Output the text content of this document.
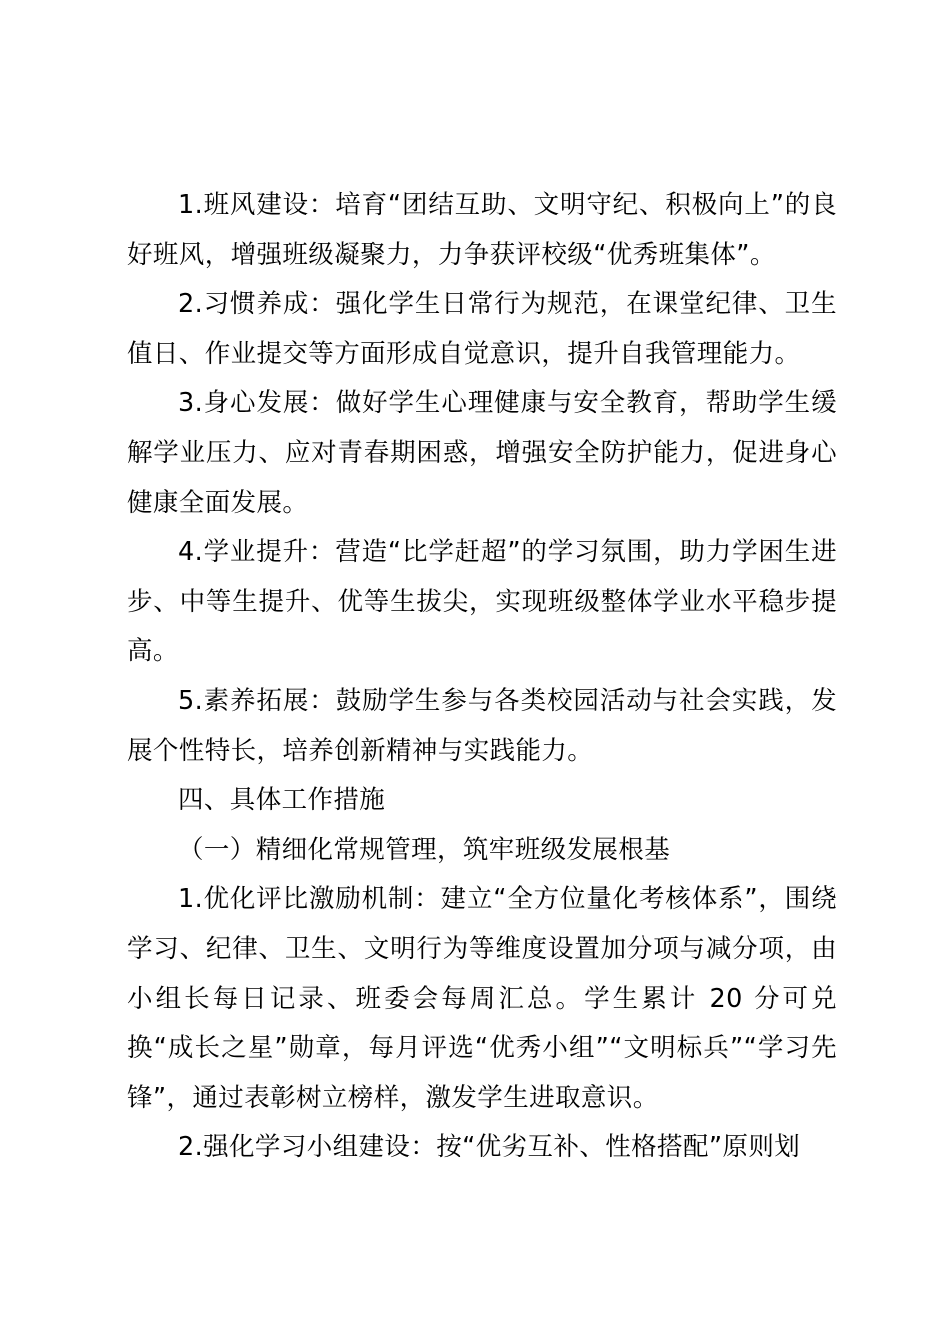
1.班风建设：培育“团结互助、文明守纪、积极向上”的良好班风，增强班级凝聚力，力争获评校级“优秀班集体”。

2.习惯养成：强化学生日常行为规范，在课堂纪律、卫生值日、作业提交等方面形成自觉意识，提升自我管理能力。

3.身心发展：做好学生心理健康与安全教育，帮助学生缓解学业压力、应对青春期困惑，增强安全防护能力，促进身心健康全面发展。

4.学业提升：营造“比学赶超”的学习氛围，助力学困生进步、中等生提升、优等生拔尖，实现班级整体学业水平稳步提高。

5.素养拓展：鼓励学生参与各类校园活动与社会实践，发展个性特长，培养创新精神与实践能力。

四、具体工作措施

（一）精细化常规管理，筑牢班级发展根基

1.优化评比激励机制：建立“全方位量化考核体系”，围绕学习、纪律、卫生、文明行为等维度设置加分项与减分项，由小组长每日记录、班委会每周汇总。学生累计 20 分可兑换“成长之星”勋章，每月评选“优秀小组”“文明标兵”“学习先锋”，通过表彰树立榜样，激发学生进取意识。

2.强化学习小组建设：按“优劣互补、性格搭配”原则划
